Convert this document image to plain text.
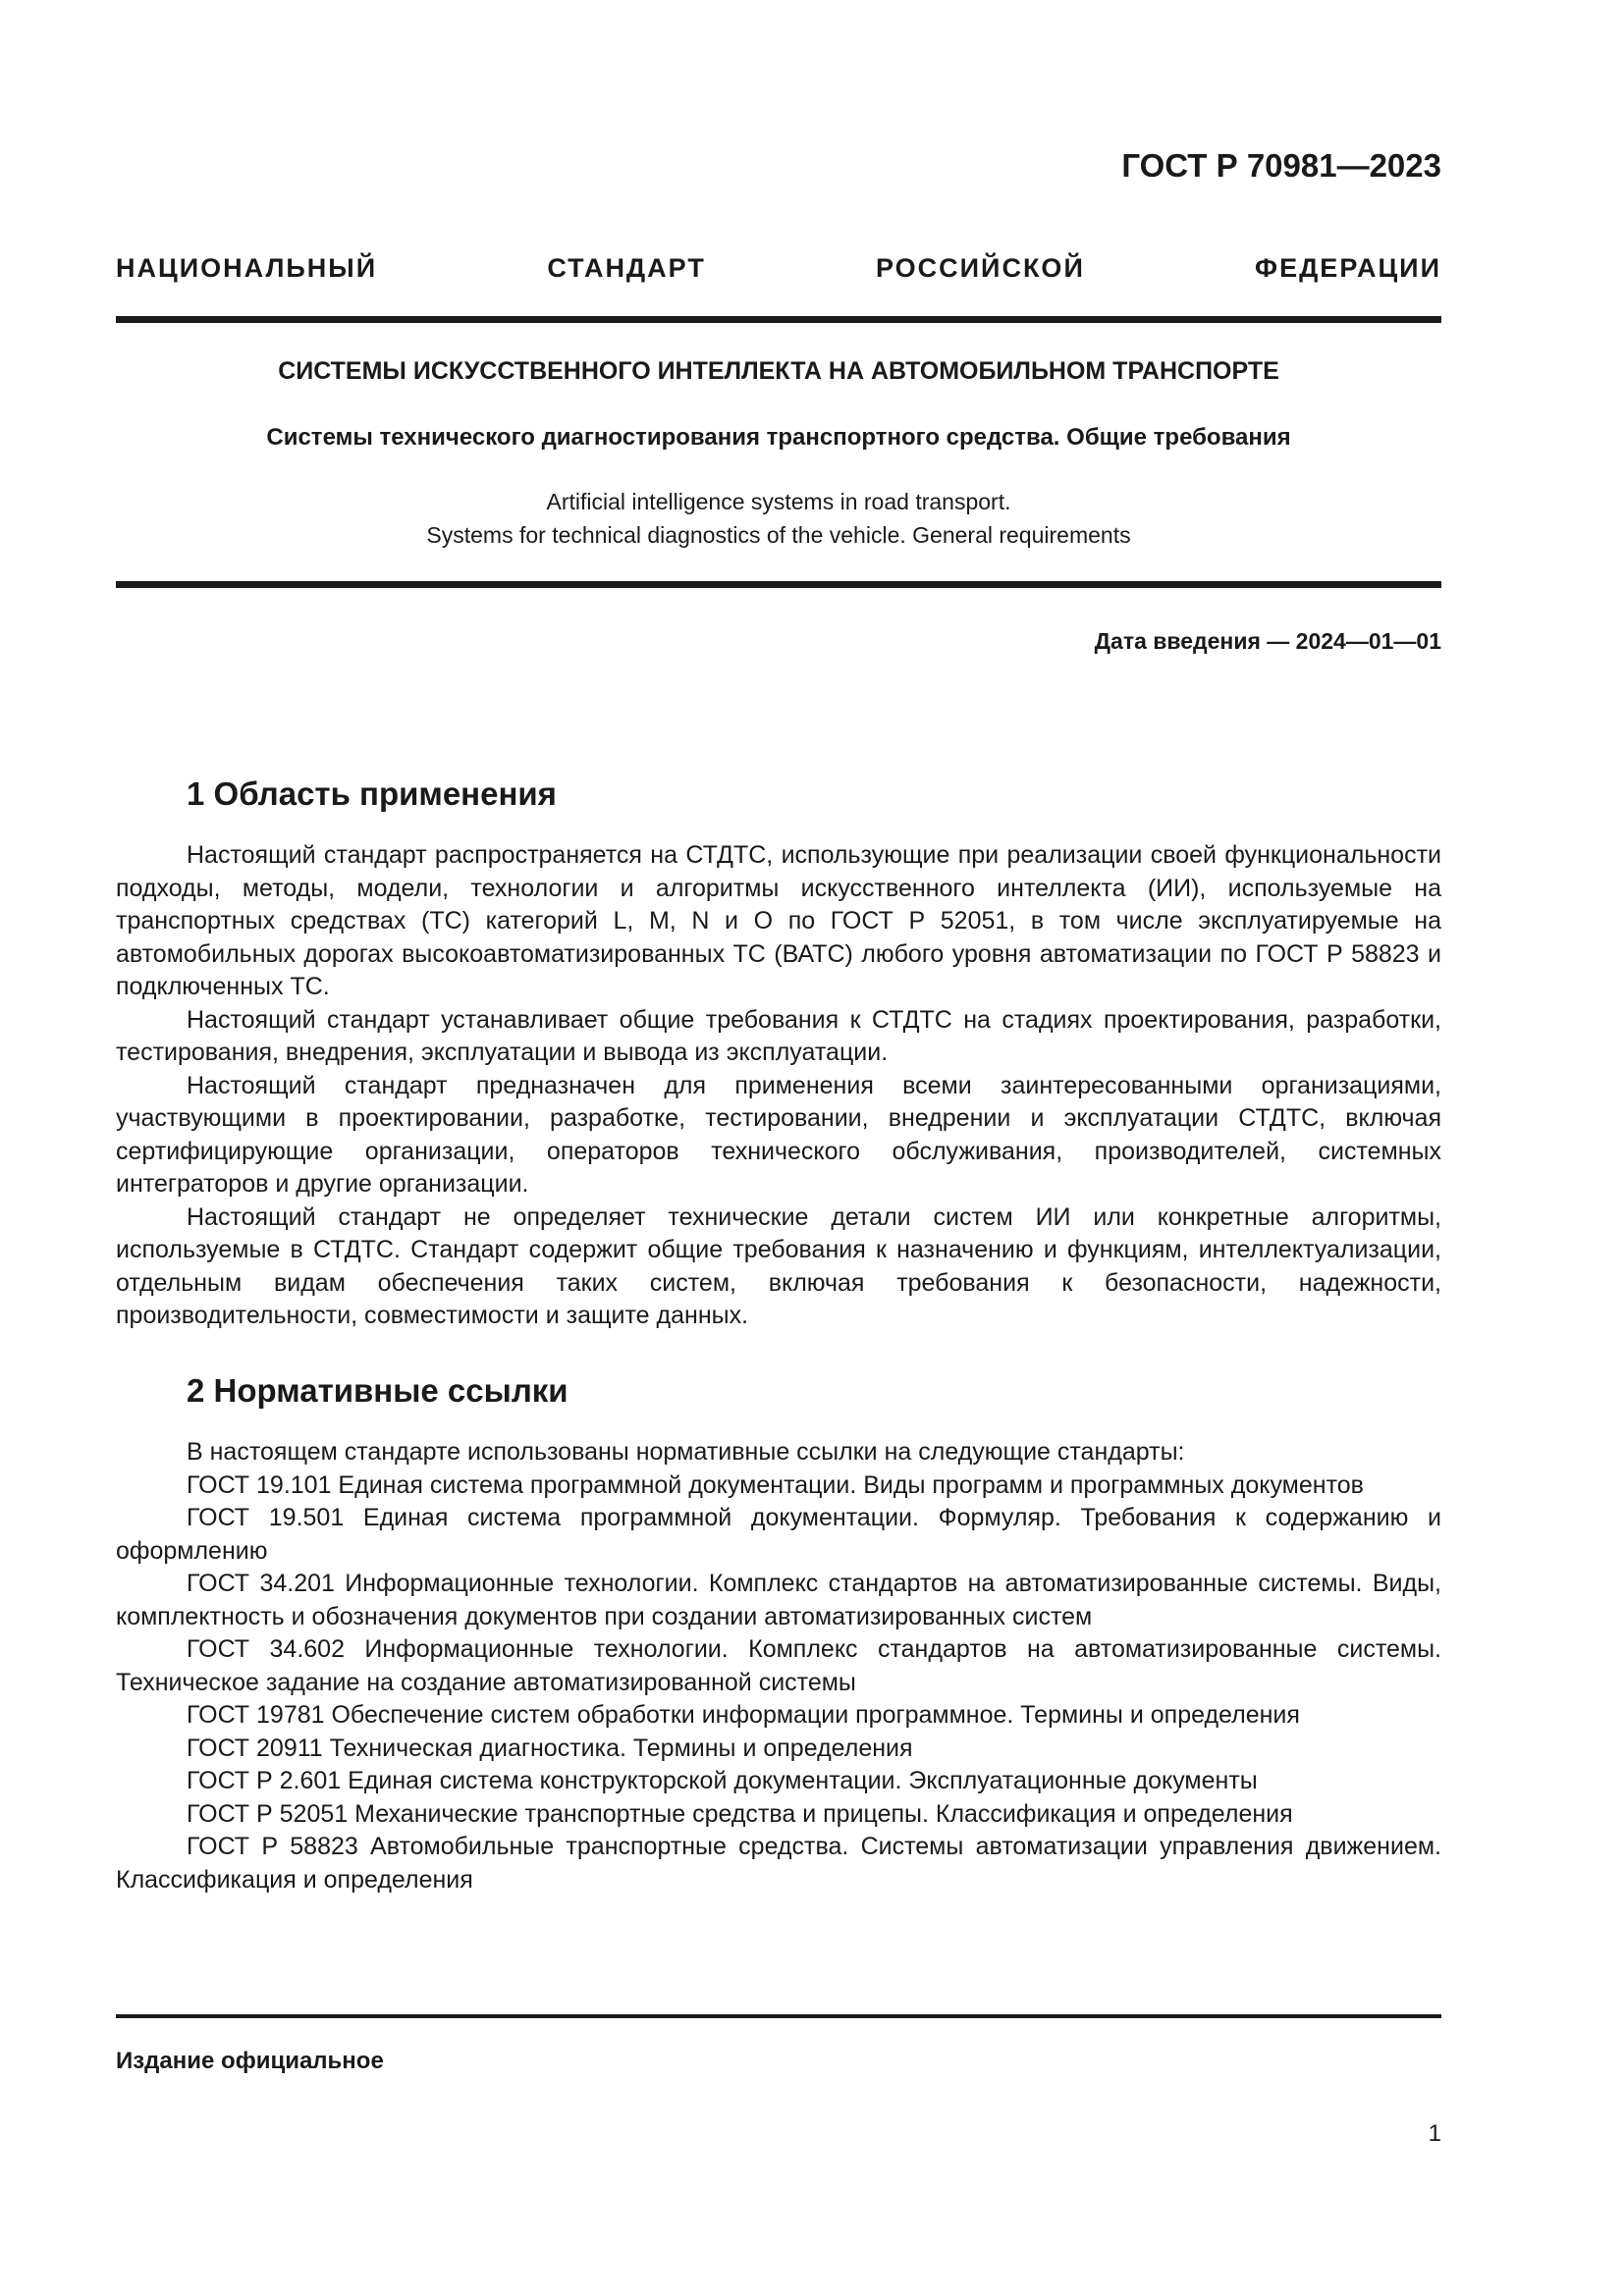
ГОСТ Р 70981—2023
НАЦИОНАЛЬНЫЙ СТАНДАРТ РОССИЙСКОЙ ФЕДЕРАЦИИ
СИСТЕМЫ ИСКУССТВЕННОГО ИНТЕЛЛЕКТА НА АВТОМОБИЛЬНОМ ТРАНСПОРТЕ
Системы технического диагностирования транспортного средства. Общие требования
Artificial intelligence systems in road transport.
Systems for technical diagnostics of the vehicle. General requirements
Дата введения — 2024—01—01
1 Область применения

Настоящий стандарт распространяется на СТДТС, использующие при реализации своей функциональности подходы, методы, модели, технологии и алгоритмы искусственного интеллекта (ИИ), используемые на транспортных средствах (ТС) категорий L, M, N и O по ГОСТ Р 52051, в том числе эксплуатируемые на автомобильных дорогах высокоавтоматизированных ТС (ВАТС) любого уровня автоматизации по ГОСТ Р 58823 и подключенных ТС.

Настоящий стандарт устанавливает общие требования к СТДТС на стадиях проектирования, разработки, тестирования, внедрения, эксплуатации и вывода из эксплуатации.

Настоящий стандарт предназначен для применения всеми заинтересованными организациями, участвующими в проектировании, разработке, тестировании, внедрении и эксплуатации СТДТС, включая сертифицирующие организации, операторов технического обслуживания, производителей, системных интеграторов и другие организации.

Настоящий стандарт не определяет технические детали систем ИИ или конкретные алгоритмы, используемые в СТДТС. Стандарт содержит общие требования к назначению и функциям, интеллектуализации, отдельным видам обеспечения таких систем, включая требования к безопасности, надежности, производительности, совместимости и защите данных.

2 Нормативные ссылки

В настоящем стандарте использованы нормативные ссылки на следующие стандарты:

ГОСТ 19.101 Единая система программной документации. Виды программ и программных документов

ГОСТ 19.501 Единая система программной документации. Формуляр. Требования к содержанию и оформлению

ГОСТ 34.201 Информационные технологии. Комплекс стандартов на автоматизированные системы. Виды, комплектность и обозначения документов при создании автоматизированных систем

ГОСТ 34.602 Информационные технологии. Комплекс стандартов на автоматизированные системы. Техническое задание на создание автоматизированной системы

ГОСТ 19781 Обеспечение систем обработки информации программное. Термины и определения

ГОСТ 20911 Техническая диагностика. Термины и определения

ГОСТ Р 2.601 Единая система конструкторской документации. Эксплуатационные документы

ГОСТ Р 52051 Механические транспортные средства и прицепы. Классификация и определения

ГОСТ Р 58823 Автомобильные транспортные средства. Системы автоматизации управления движением. Классификация и определения

Издание официальное
1
